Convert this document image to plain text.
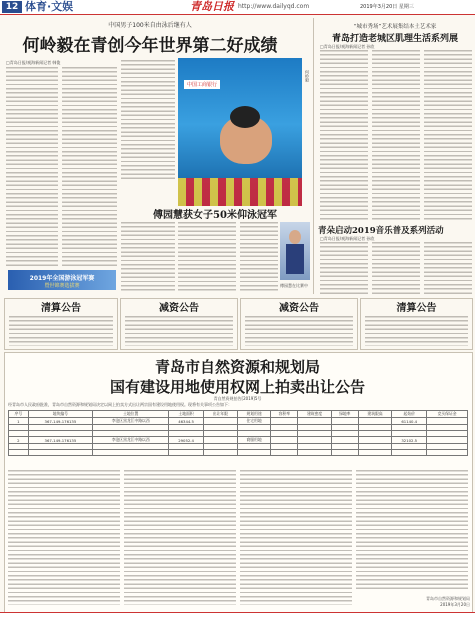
12 体育·文娱	青岛日报 http://www.dailyqd.com	2019年3月20日 星期三
中国男子100米自由泳后继有人
何岭毅在青创今年世界第二好成绩
□青岛日报/观海新闻记者 韩俊
2019年全国游泳冠军赛
暨世锦赛选拔赛
中国工商银行
何岭毅
傅园慧获女子50米仰泳冠军
傅园慧在比赛中
“城市秀场”艺术展集结本土艺术家
青岛打造老城区肌理生活系列展
□青岛日报/观海新闻记者 孙欣
青朵启动2019音乐普及系列活动
□青岛日报/观海新闻记者 孙欣
清算公告	减资公告	减资公告	清算公告
青岛市自然资源和规划局
国有建设用地使用权网上拍卖出让公告
青自然资规拍告[2019]5号
经青岛市人民政府批准，青岛市自然资源和规划局决定以网上拍卖方式出让两宗国有建设用地使用权。现将有关事项公告如下：
序号	地块编号	土地位置	土地面积	出让年限	规划用途	容积率	建筑密度	绿地率	建筑限高	起始价	竞买保证金
1	367-149-176135	李沧区黑龙江中路以西	46344.5		住宅用地					61140.4	

2	367-149-176135	李沧区黑龙江中路以西	29052.4		商服用地					32102.5	

青岛市自然资源和规划局
2019年3月20日
